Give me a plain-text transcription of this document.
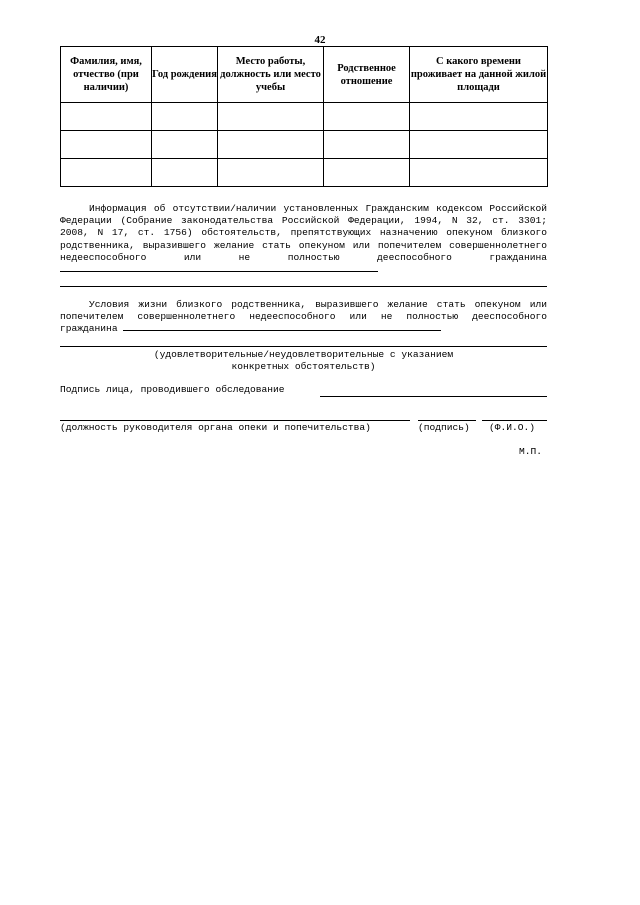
42
Фамилия, имя, отчество (при наличии)	Год рождения	Место работы, должность или место учебы	Родственное отношение	С какого времени проживает на данной жилой площади

Информация об отсутствии/наличии установленных Гражданским кодексом Российской Федерации (Собрание законодательства Российской Федерации, 1994, N 32, ст. 3301; 2008, N 17, ст. 1756) обстоятельств, препятствующих назначению опекуном близкого родственника, выразившего желание стать опекуном или попечителем совершеннолетнего недееспособного или не полностью дееспособного гражданина
Условия жизни близкого родственника, выразившего желание стать опекуном или попечителем совершеннолетнего недееспособного или не полностью дееспособного гражданина
(удовлетворительные/неудовлетворительные с указанием
конкретных обстоятельств)
Подпись лица, проводившего обследование
(должность руководителя органа опеки и попечительства)	(подпись) (Ф.И.О.)
М.П.
